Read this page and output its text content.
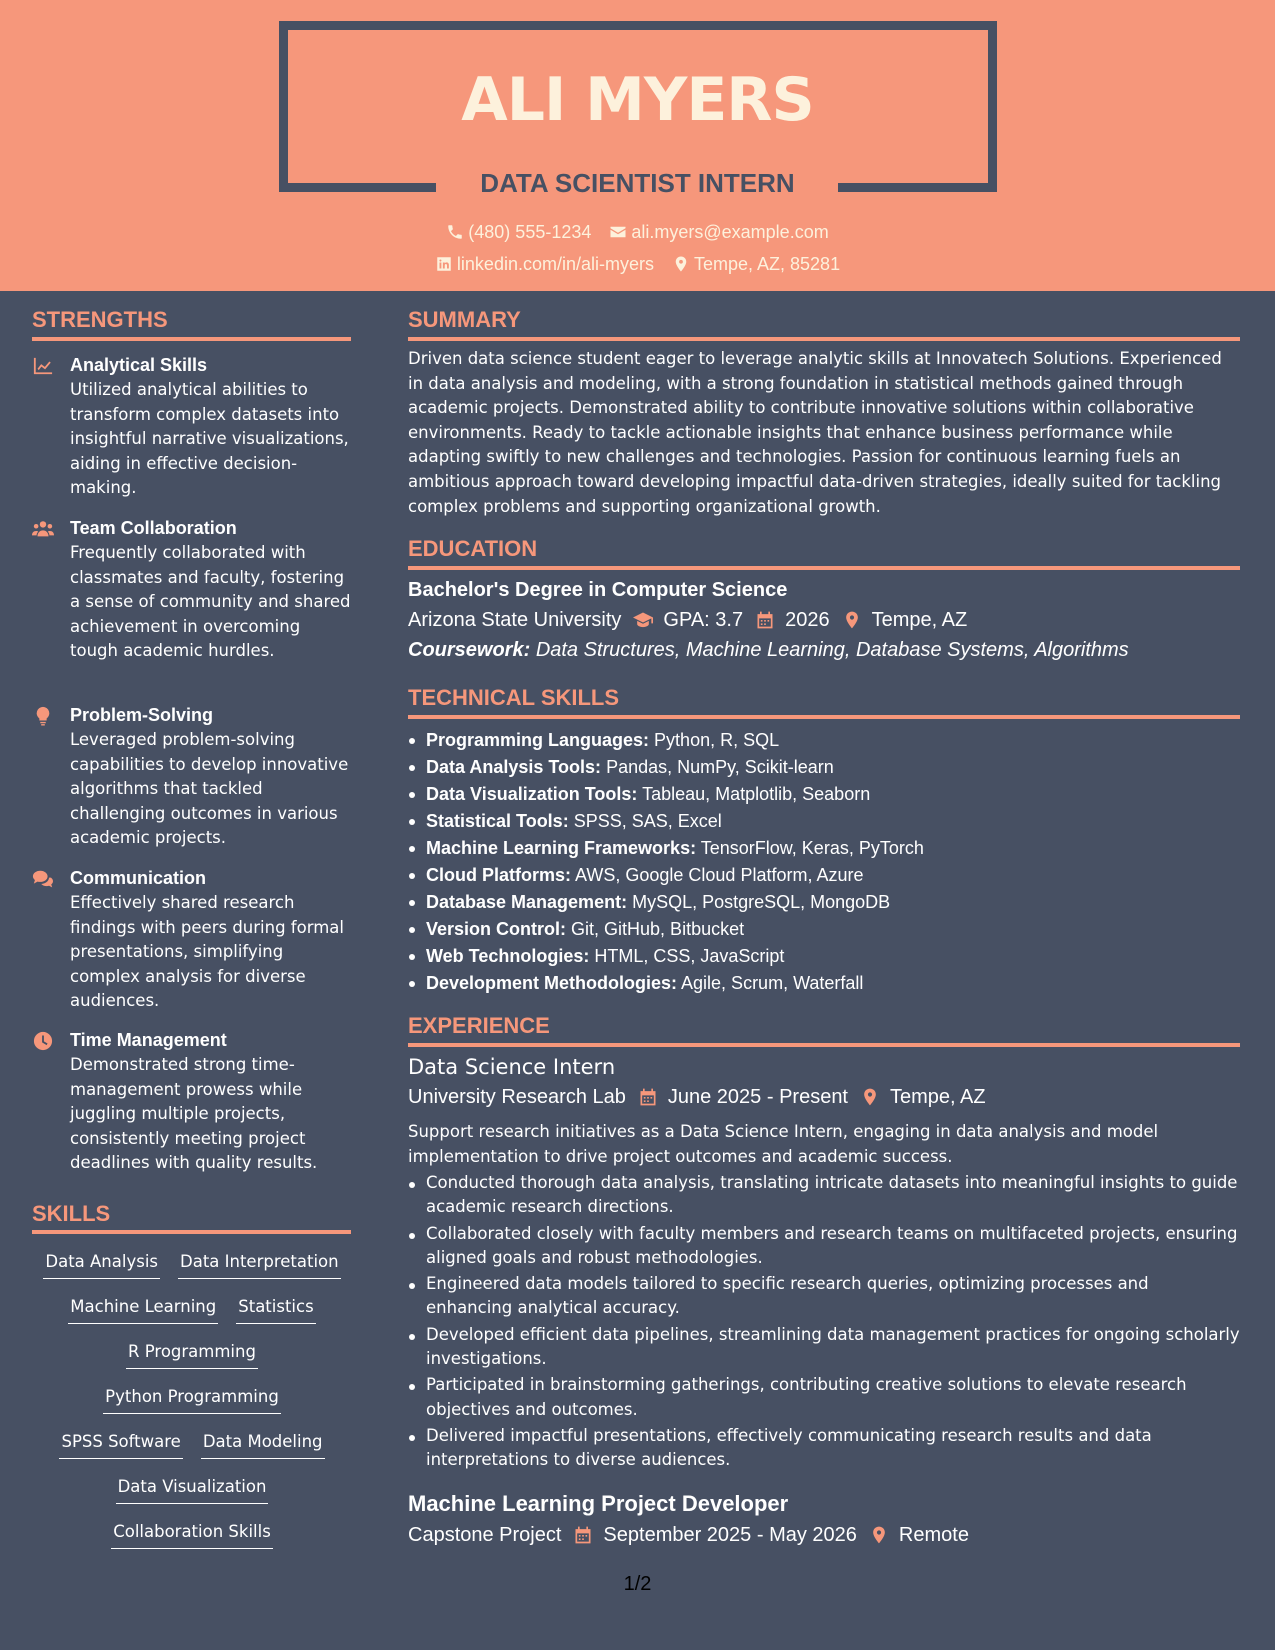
ALI MYERS
DATA SCIENTIST INTERN
(480) 555-1234 ali.myers@example.com
linkedin.com/in/ali-myers Tempe, AZ, 85281
STRENGTHS
Analytical Skills
Utilized analytical abilities to transform complex datasets into insightful narrative visualizations, aiding in effective decision-making.
Team Collaboration
Frequently collaborated with classmates and faculty, fostering a sense of community and shared achievement in overcoming tough academic hurdles.
Problem-Solving
Leveraged problem-solving capabilities to develop innovative algorithms that tackled challenging outcomes in various academic projects.
Communication
Effectively shared research findings with peers during formal presentations, simplifying complex analysis for diverse audiences.
Time Management
Demonstrated strong time-management prowess while juggling multiple projects, consistently meeting project deadlines with quality results.
SKILLS
Data Analysis Data Interpretation
Machine Learning Statistics
R Programming
Python Programming
SPSS Software Data Modeling
Data Visualization
Collaboration Skills
SUMMARY
Driven data science student eager to leverage analytic skills at Innovatech Solutions. Experienced in data analysis and modeling, with a strong foundation in statistical methods gained through academic projects. Demonstrated ability to contribute innovative solutions within collaborative environments. Ready to tackle actionable insights that enhance business performance while adapting swiftly to new challenges and technologies. Passion for continuous learning fuels an ambitious approach toward developing impactful data-driven strategies, ideally suited for tackling complex problems and supporting organizational growth.
EDUCATION
Bachelor's Degree in Computer Science
Arizona State University GPA: 3.7 2026 Tempe, AZ
Coursework: Data Structures, Machine Learning, Database Systems, Algorithms
TECHNICAL SKILLS
Programming Languages: Python, R, SQL
Data Analysis Tools: Pandas, NumPy, Scikit-learn
Data Visualization Tools: Tableau, Matplotlib, Seaborn
Statistical Tools: SPSS, SAS, Excel
Machine Learning Frameworks: TensorFlow, Keras, PyTorch
Cloud Platforms: AWS, Google Cloud Platform, Azure
Database Management: MySQL, PostgreSQL, MongoDB
Version Control: Git, GitHub, Bitbucket
Web Technologies: HTML, CSS, JavaScript
Development Methodologies: Agile, Scrum, Waterfall
EXPERIENCE
Data Science Intern
University Research Lab June 2025 - Present Tempe, AZ
Support research initiatives as a Data Science Intern, engaging in data analysis and model implementation to drive project outcomes and academic success.
Conducted thorough data analysis, translating intricate datasets into meaningful insights to guide academic research directions.
Collaborated closely with faculty members and research teams on multifaceted projects, ensuring aligned goals and robust methodologies.
Engineered data models tailored to specific research queries, optimizing processes and enhancing analytical accuracy.
Developed efficient data pipelines, streamlining data management practices for ongoing scholarly investigations.
Participated in brainstorming gatherings, contributing creative solutions to elevate research objectives and outcomes.
Delivered impactful presentations, effectively communicating research results and data interpretations to diverse audiences.
Machine Learning Project Developer
Capstone Project September 2025 - May 2026 Remote
1/2
